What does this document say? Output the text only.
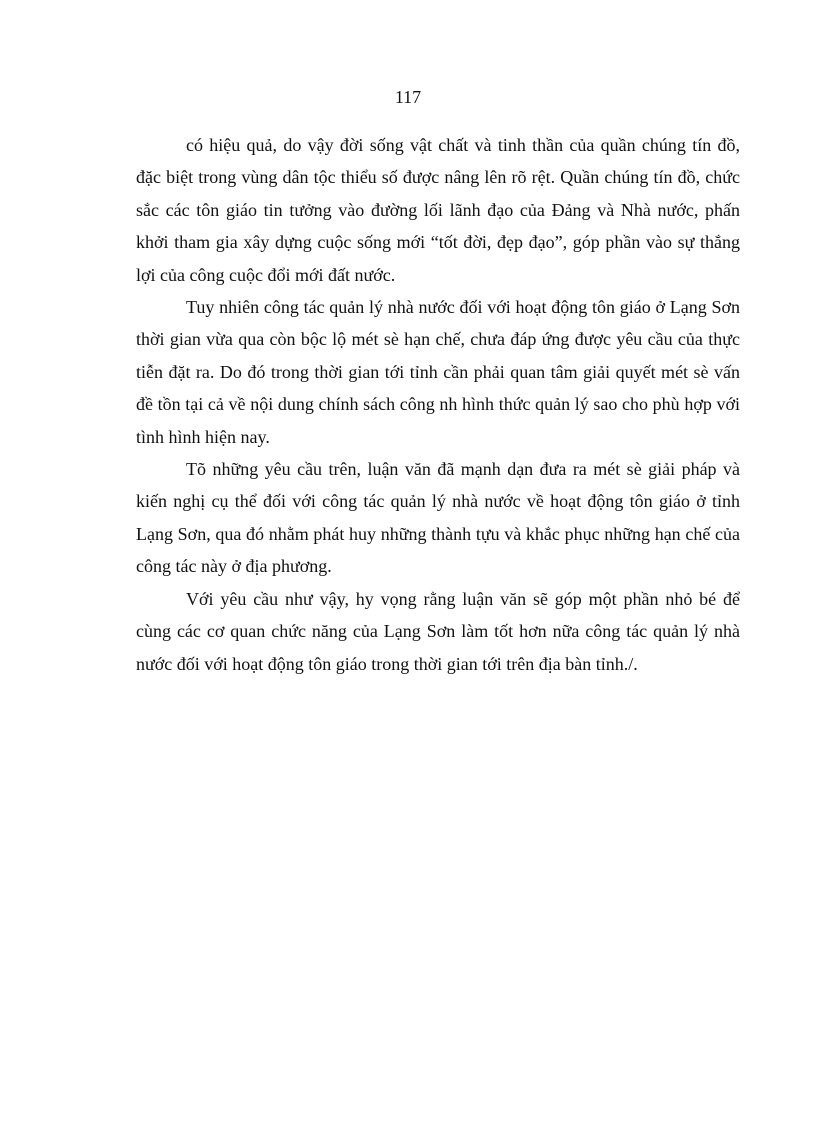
117

có hiệu quả, do vậy đời sống vật chất và tinh thần của quần chúng tín đồ, đặc biệt trong vùng dân tộc thiểu số được nâng lên rõ rệt. Quần chúng tín đồ, chức sắc các tôn giáo tin tưởng vào đường lối lãnh đạo của Đảng và Nhà nước, phấn khởi tham gia xây dựng cuộc sống mới “tốt đời, đẹp đạo”, góp phần vào sự thắng lợi của công cuộc đổi mới đất nước.

Tuy nhiên công tác quản lý nhà nước đối với hoạt động tôn giáo ở Lạng Sơn thời gian vừa qua còn bộc lộ mét sè hạn chế, chưa đáp ứng được yêu cầu của thực tiễn đặt ra. Do đó trong thời gian tới tỉnh cần phải quan tâm giải quyết mét sè vấn đề tồn tại cả về nội dung chính sách công nh hình thức quản lý sao cho phù hợp với tình hình hiện nay.

Tõ những yêu cầu trên, luận văn đã mạnh dạn đưa ra mét sè giải pháp và kiến nghị cụ thể đối với công tác quản lý nhà nước về hoạt động tôn giáo ở tỉnh Lạng Sơn, qua đó nhằm phát huy những thành tựu và khắc phục những hạn chế của công tác này ở địa phương.

Với yêu cầu như vậy, hy vọng rằng luận văn sẽ góp một phần nhỏ bé để cùng các cơ quan chức năng của Lạng Sơn làm tốt hơn nữa công tác quản lý nhà nước đối với hoạt động tôn giáo trong thời gian tới trên địa bàn tỉnh./.
